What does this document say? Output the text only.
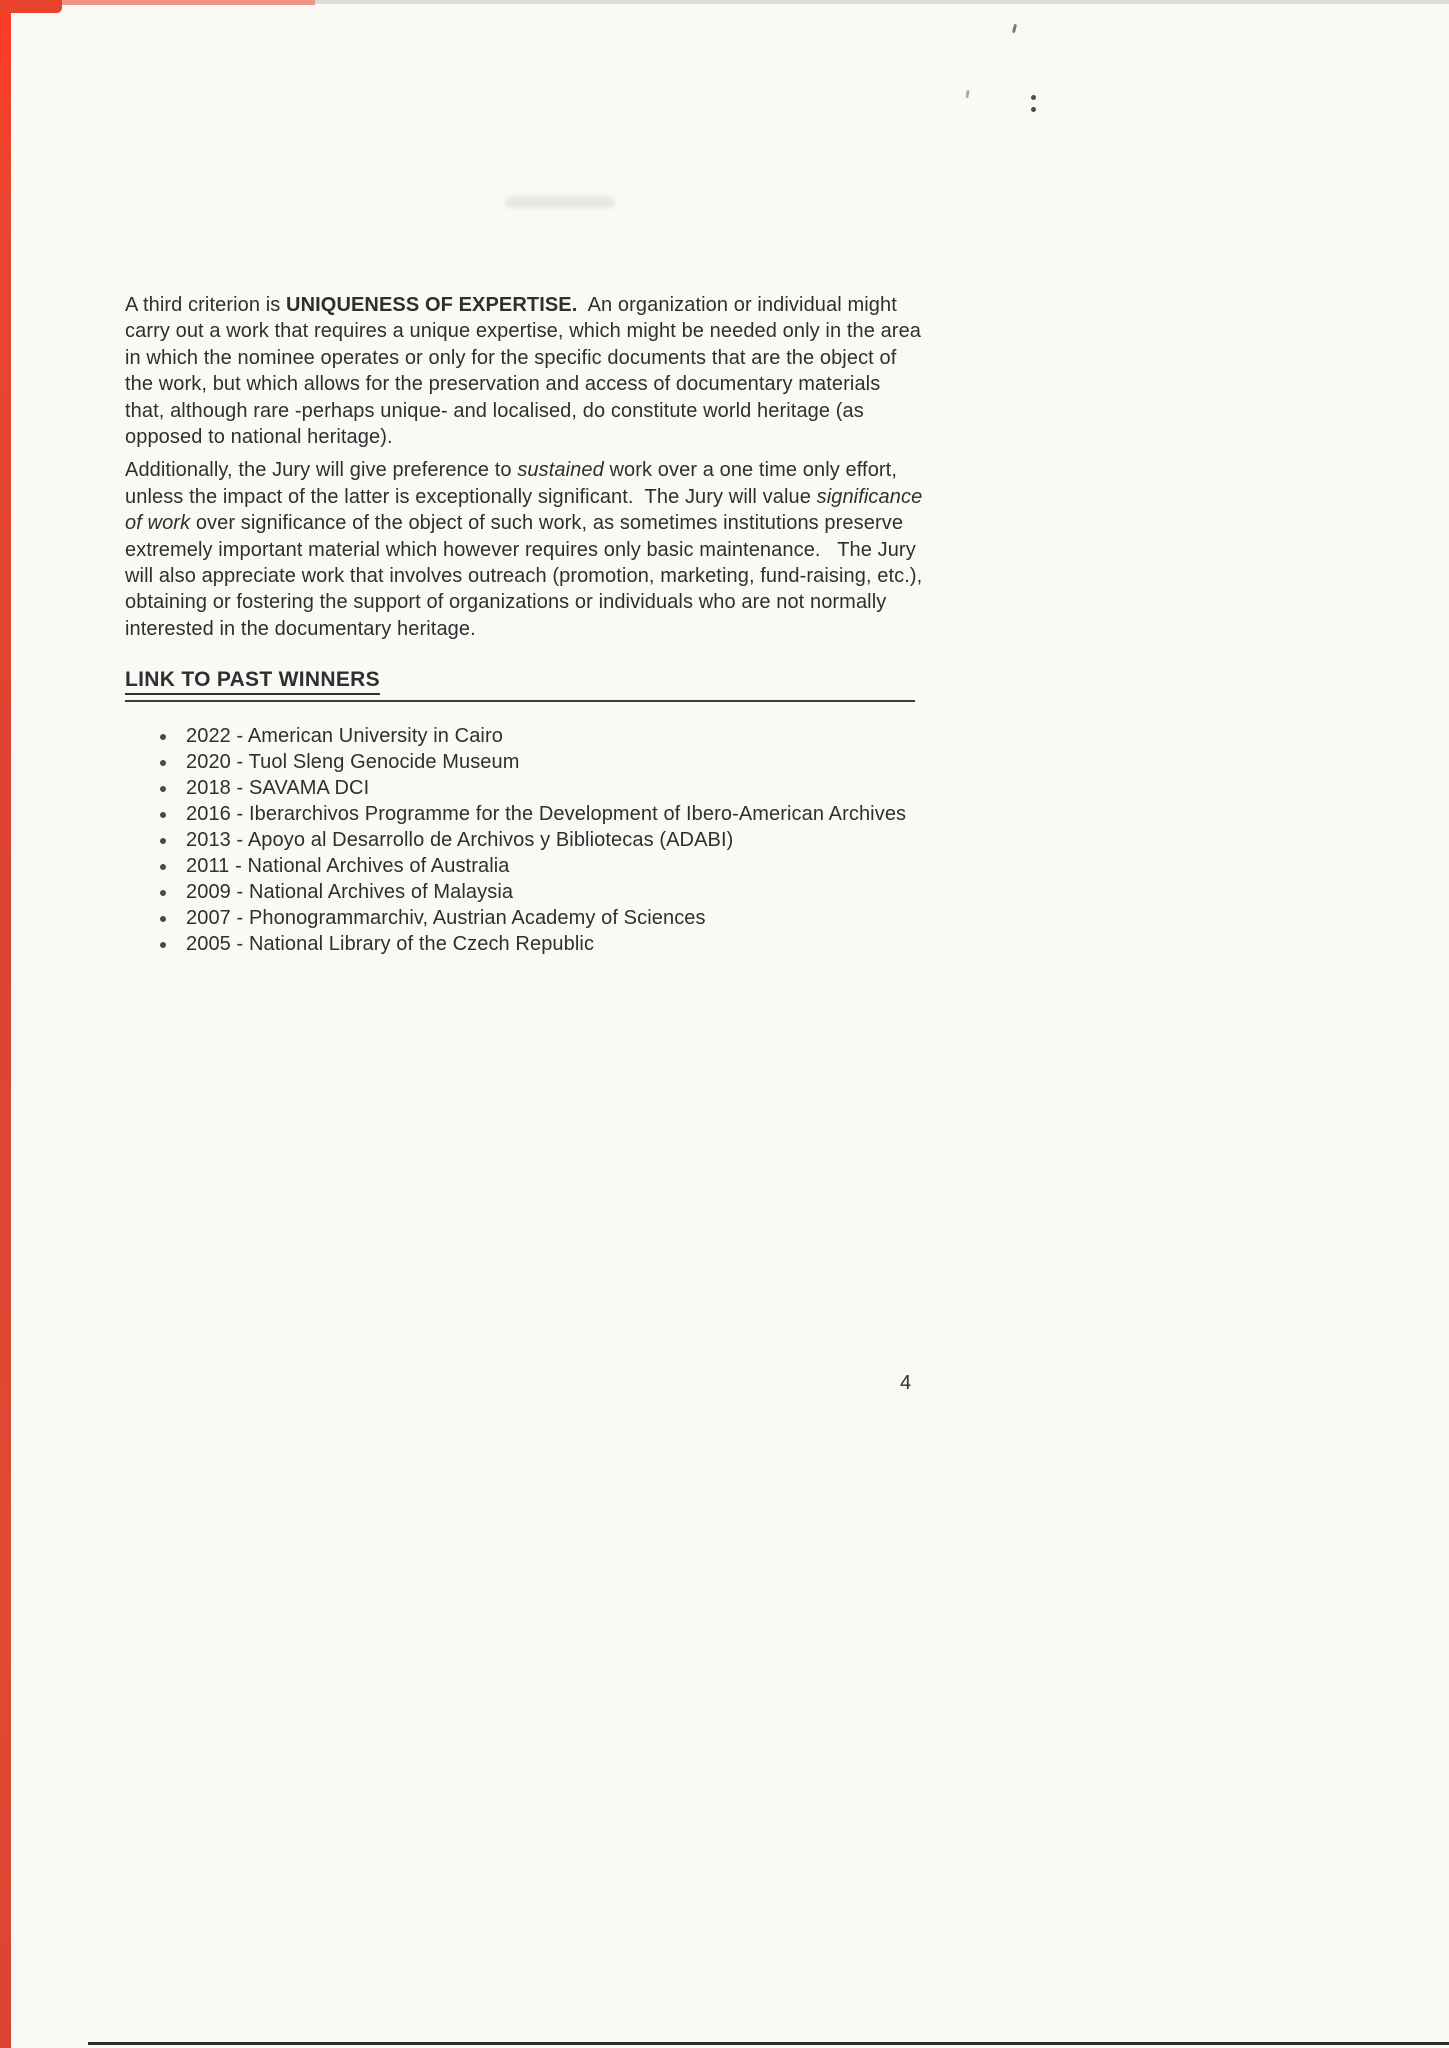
A third criterion is UNIQUENESS OF EXPERTISE.  An organization or individual might carry out a work that requires a unique expertise, which might be needed only in the area in which the nominee operates or only for the specific documents that are the object of the work, but which allows for the preservation and access of documentary materials that, although rare -perhaps unique- and localised, do constitute world heritage (as opposed to national heritage).

Additionally, the Jury will give preference to sustained work over a one time only effort, unless the impact of the latter is exceptionally significant.  The Jury will value significance of work over significance of the object of such work, as sometimes institutions preserve extremely important material which however requires only basic maintenance.   The Jury will also appreciate work that involves outreach (promotion, marketing, fund-raising, etc.), obtaining or fostering the support of organizations or individuals who are not normally interested in the documentary heritage.

LINK TO PAST WINNERS
2022 - American University in Cairo
2020 - Tuol Sleng Genocide Museum
2018 - SAVAMA DCI
2016 - Iberarchivos Programme for the Development of Ibero-American Archives
2013 - Apoyo al Desarrollo de Archivos y Bibliotecas (ADABI)
2011 - National Archives of Australia
2009 - National Archives of Malaysia
2007 - Phonogrammarchiv, Austrian Academy of Sciences
2005 - National Library of the Czech Republic
4
